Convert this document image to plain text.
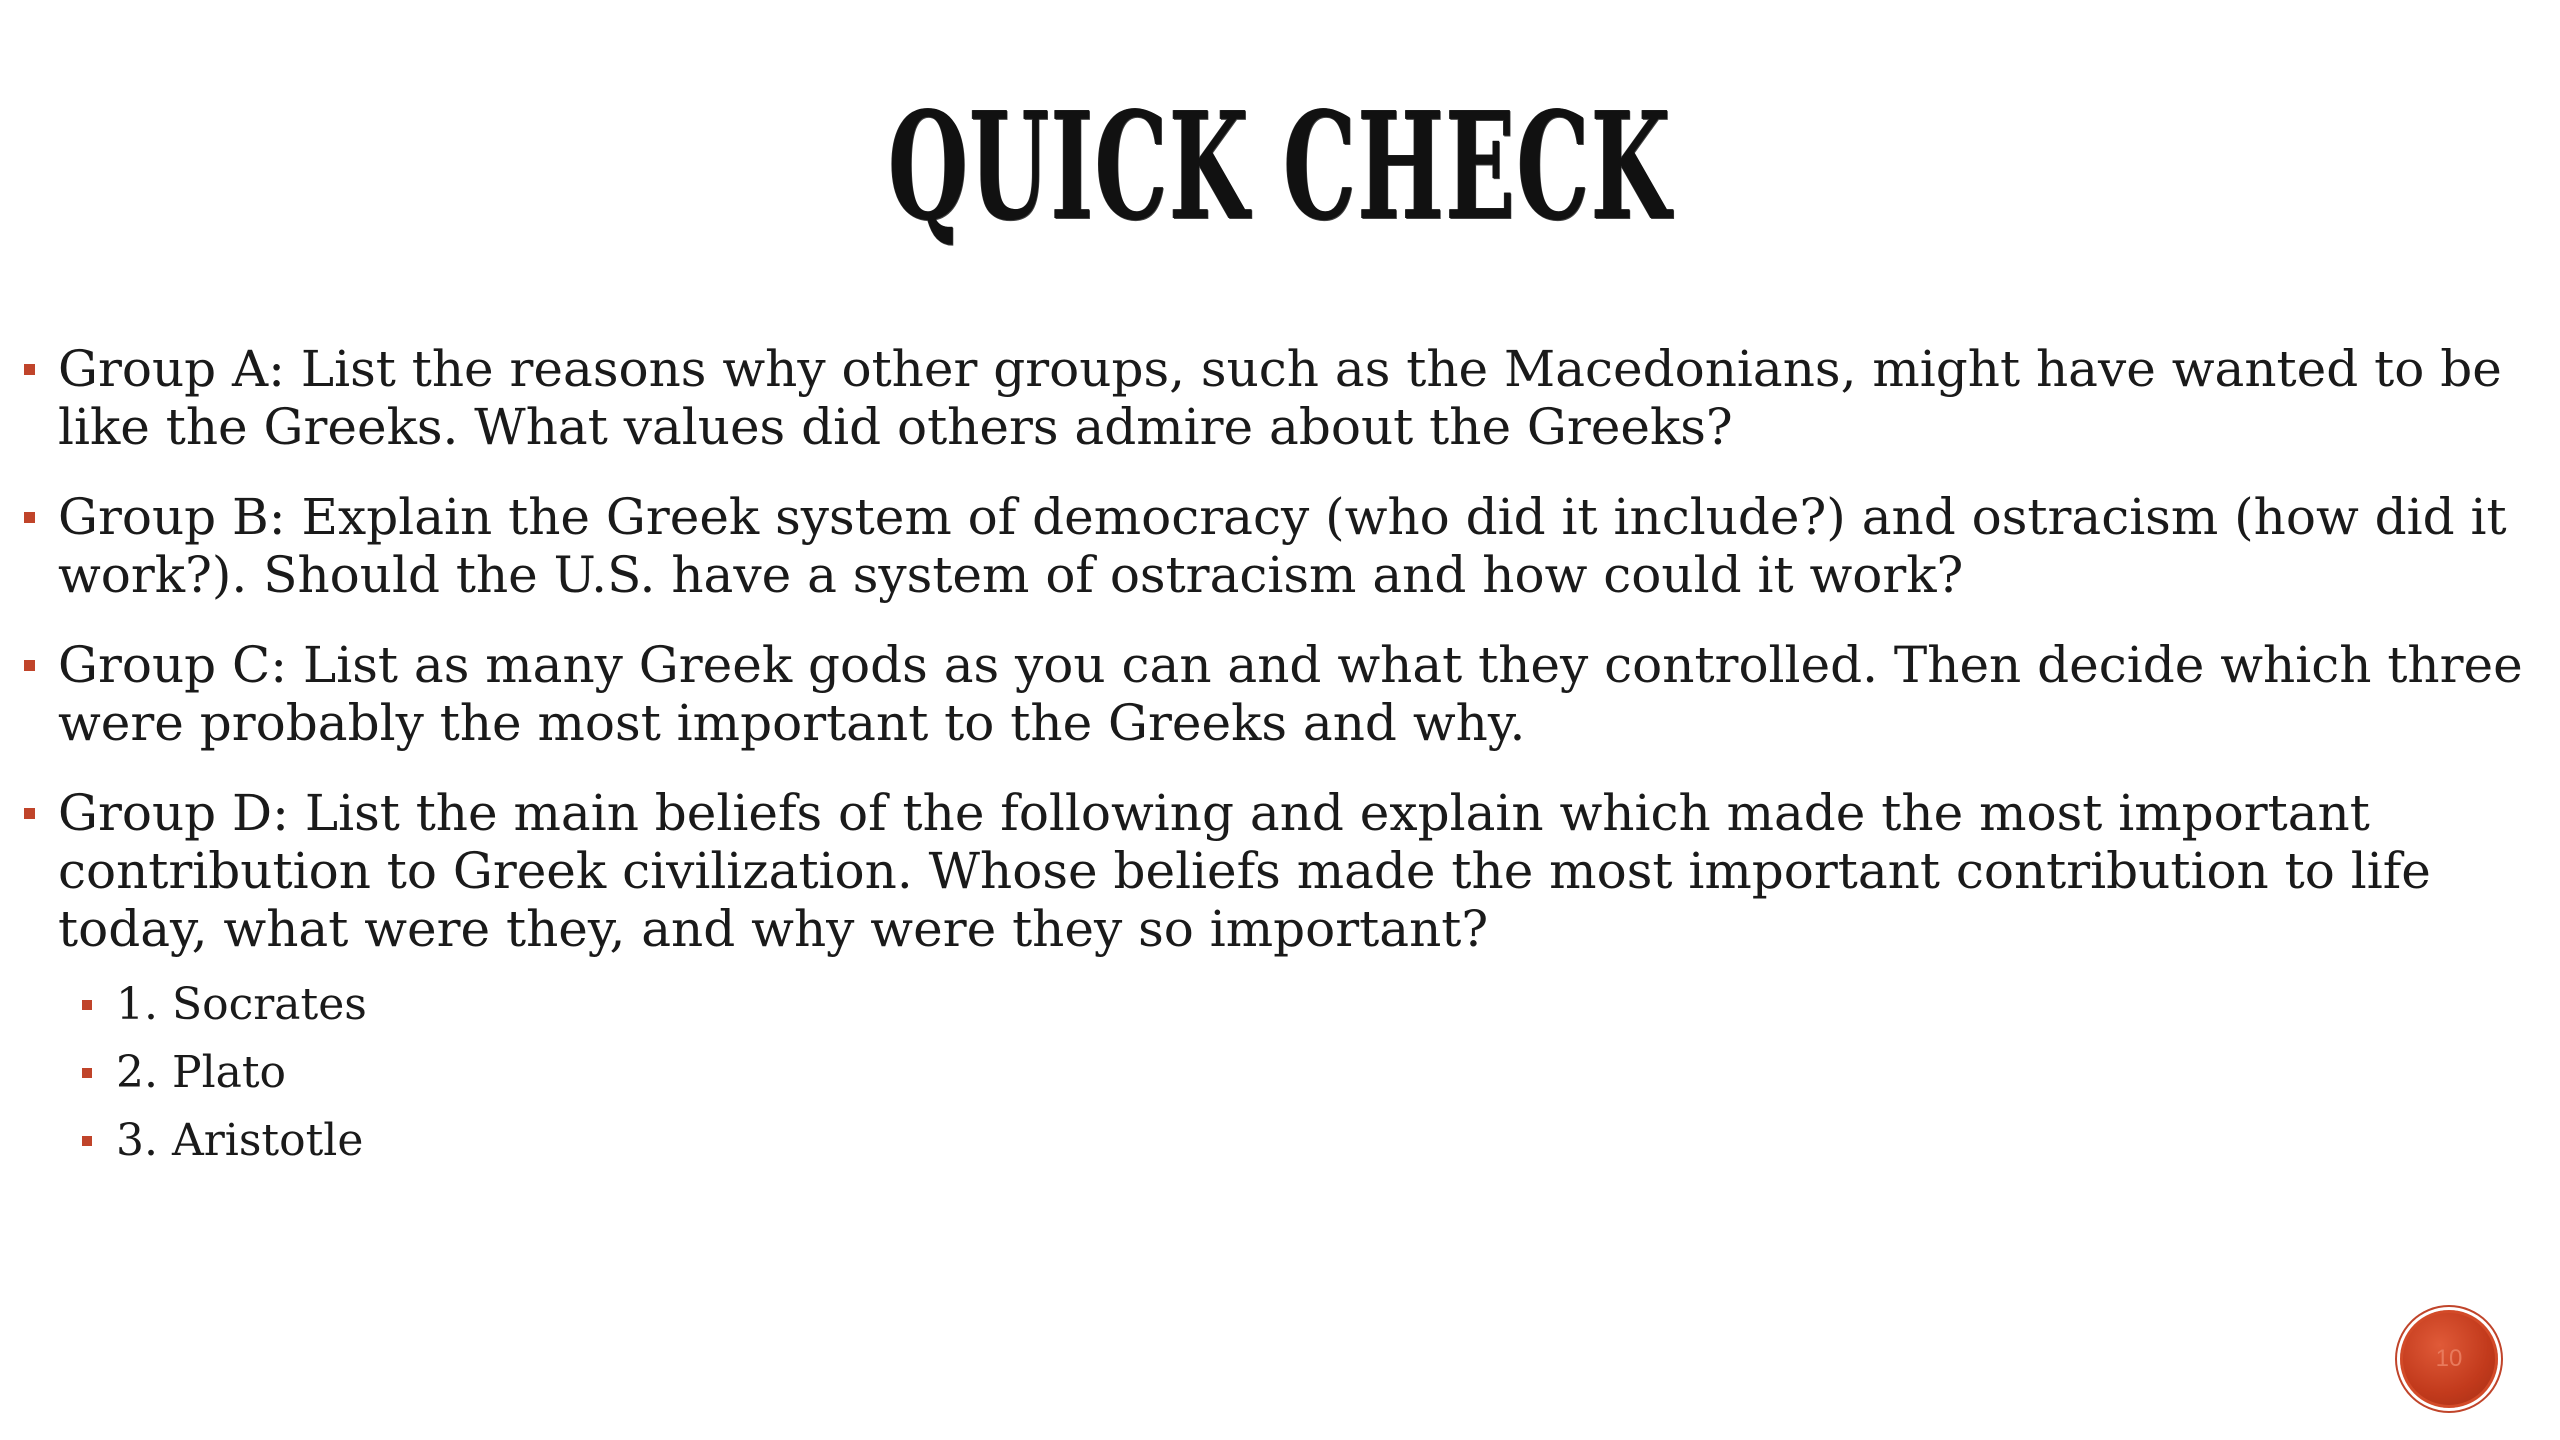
QUICK CHECK
Group A: List the reasons why other groups, such as the Macedonians, might have wanted to be like the Greeks. What values did others admire about the Greeks?
Group B: Explain the Greek system of democracy (who did it include?) and ostracism (how did it work?). Should the U.S. have a system of ostracism and how could it work?
Group C: List as many Greek gods as you can and what they controlled. Then decide which three were probably the most important to the Greeks and why.
Group D: List the main beliefs of the following and explain which made the most important contribution to Greek civilization. Whose beliefs made the most important contribution to life today, what were they, and why were they so important?
1. Socrates
2. Plato
3. Aristotle
10
